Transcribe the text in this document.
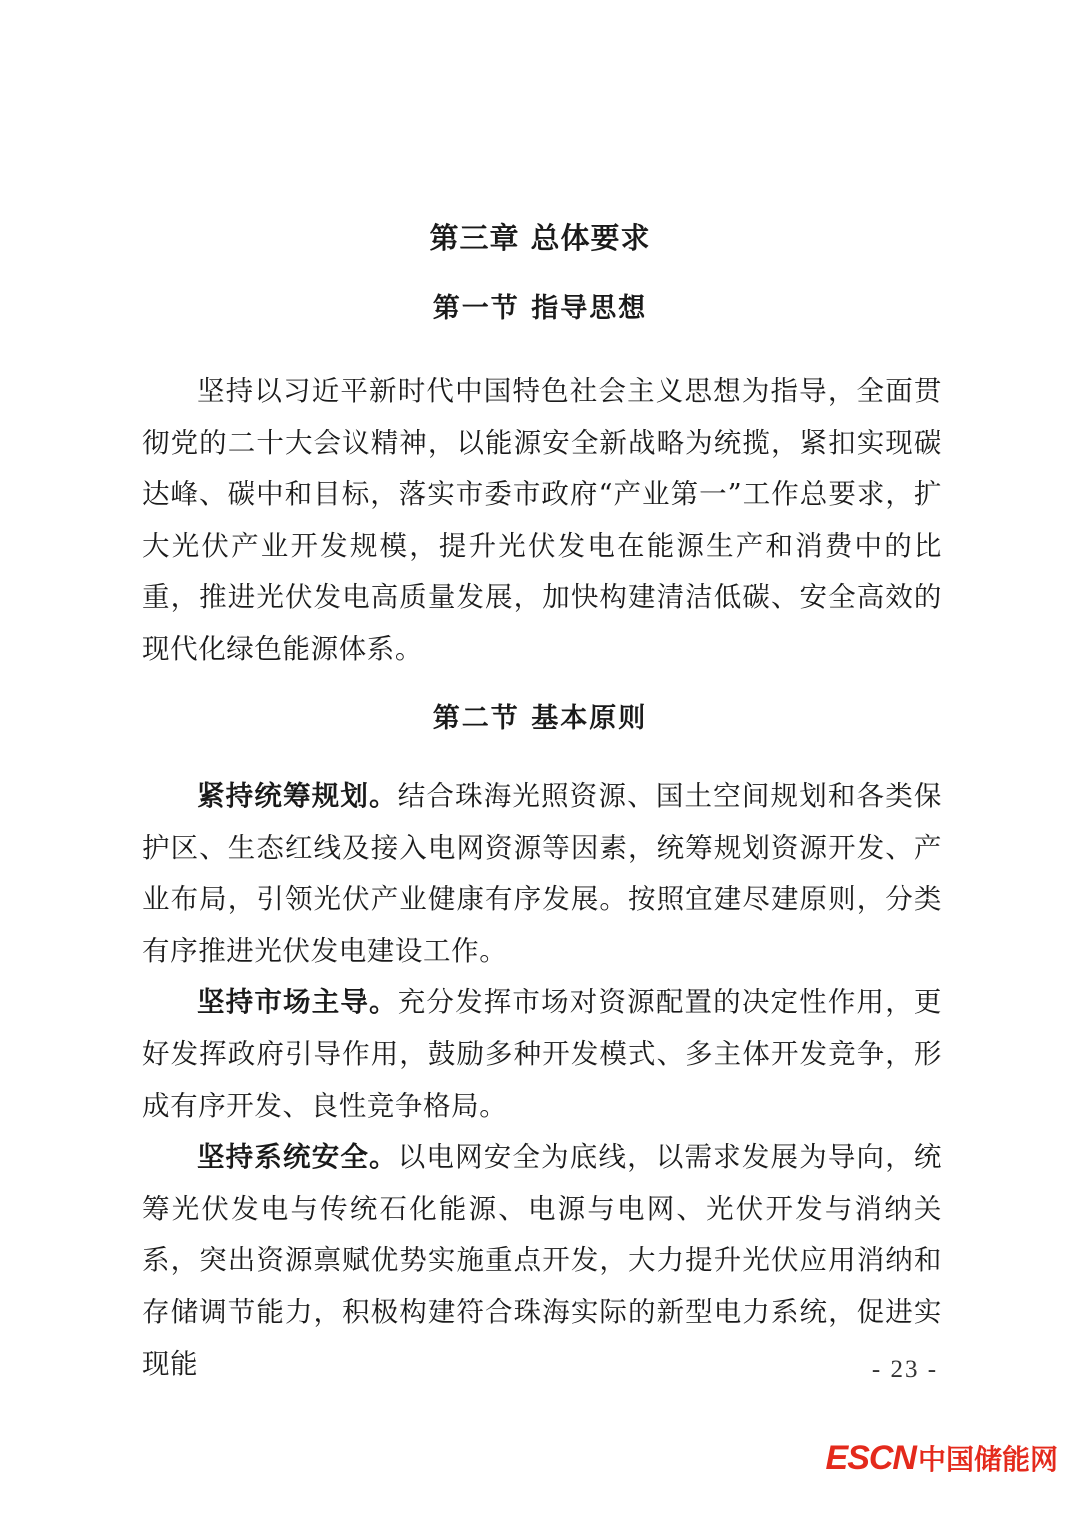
第三章 总体要求
第一节 指导思想

坚持以习近平新时代中国特色社会主义思想为指导，全面贯彻党的二十大会议精神，以能源安全新战略为统揽，紧扣实现碳达峰、碳中和目标，落实市委市政府“产业第一”工作总要求，扩大光伏产业开发规模，提升光伏发电在能源生产和消费中的比重，推进光伏发电高质量发展，加快构建清洁低碳、安全高效的现代化绿色能源体系。

第二节 基本原则

紧持统筹规划。结合珠海光照资源、国土空间规划和各类保护区、生态红线及接入电网资源等因素，统筹规划资源开发、产业布局，引领光伏产业健康有序发展。按照宜建尽建原则，分类有序推进光伏发电建设工作。

坚持市场主导。充分发挥市场对资源配置的决定性作用，更好发挥政府引导作用，鼓励多种开发模式、多主体开发竞争，形成有序开发、良性竞争格局。

坚持系统安全。以电网安全为底线，以需求发展为导向，统筹光伏发电与传统石化能源、电源与电网、光伏开发与消纳关系，突出资源禀赋优势实施重点开发，大力提升光伏应用消纳和存储调节能力，积极构建符合珠海实际的新型电力系统，促进实现能	- 23 -
ESCN中国储能网
